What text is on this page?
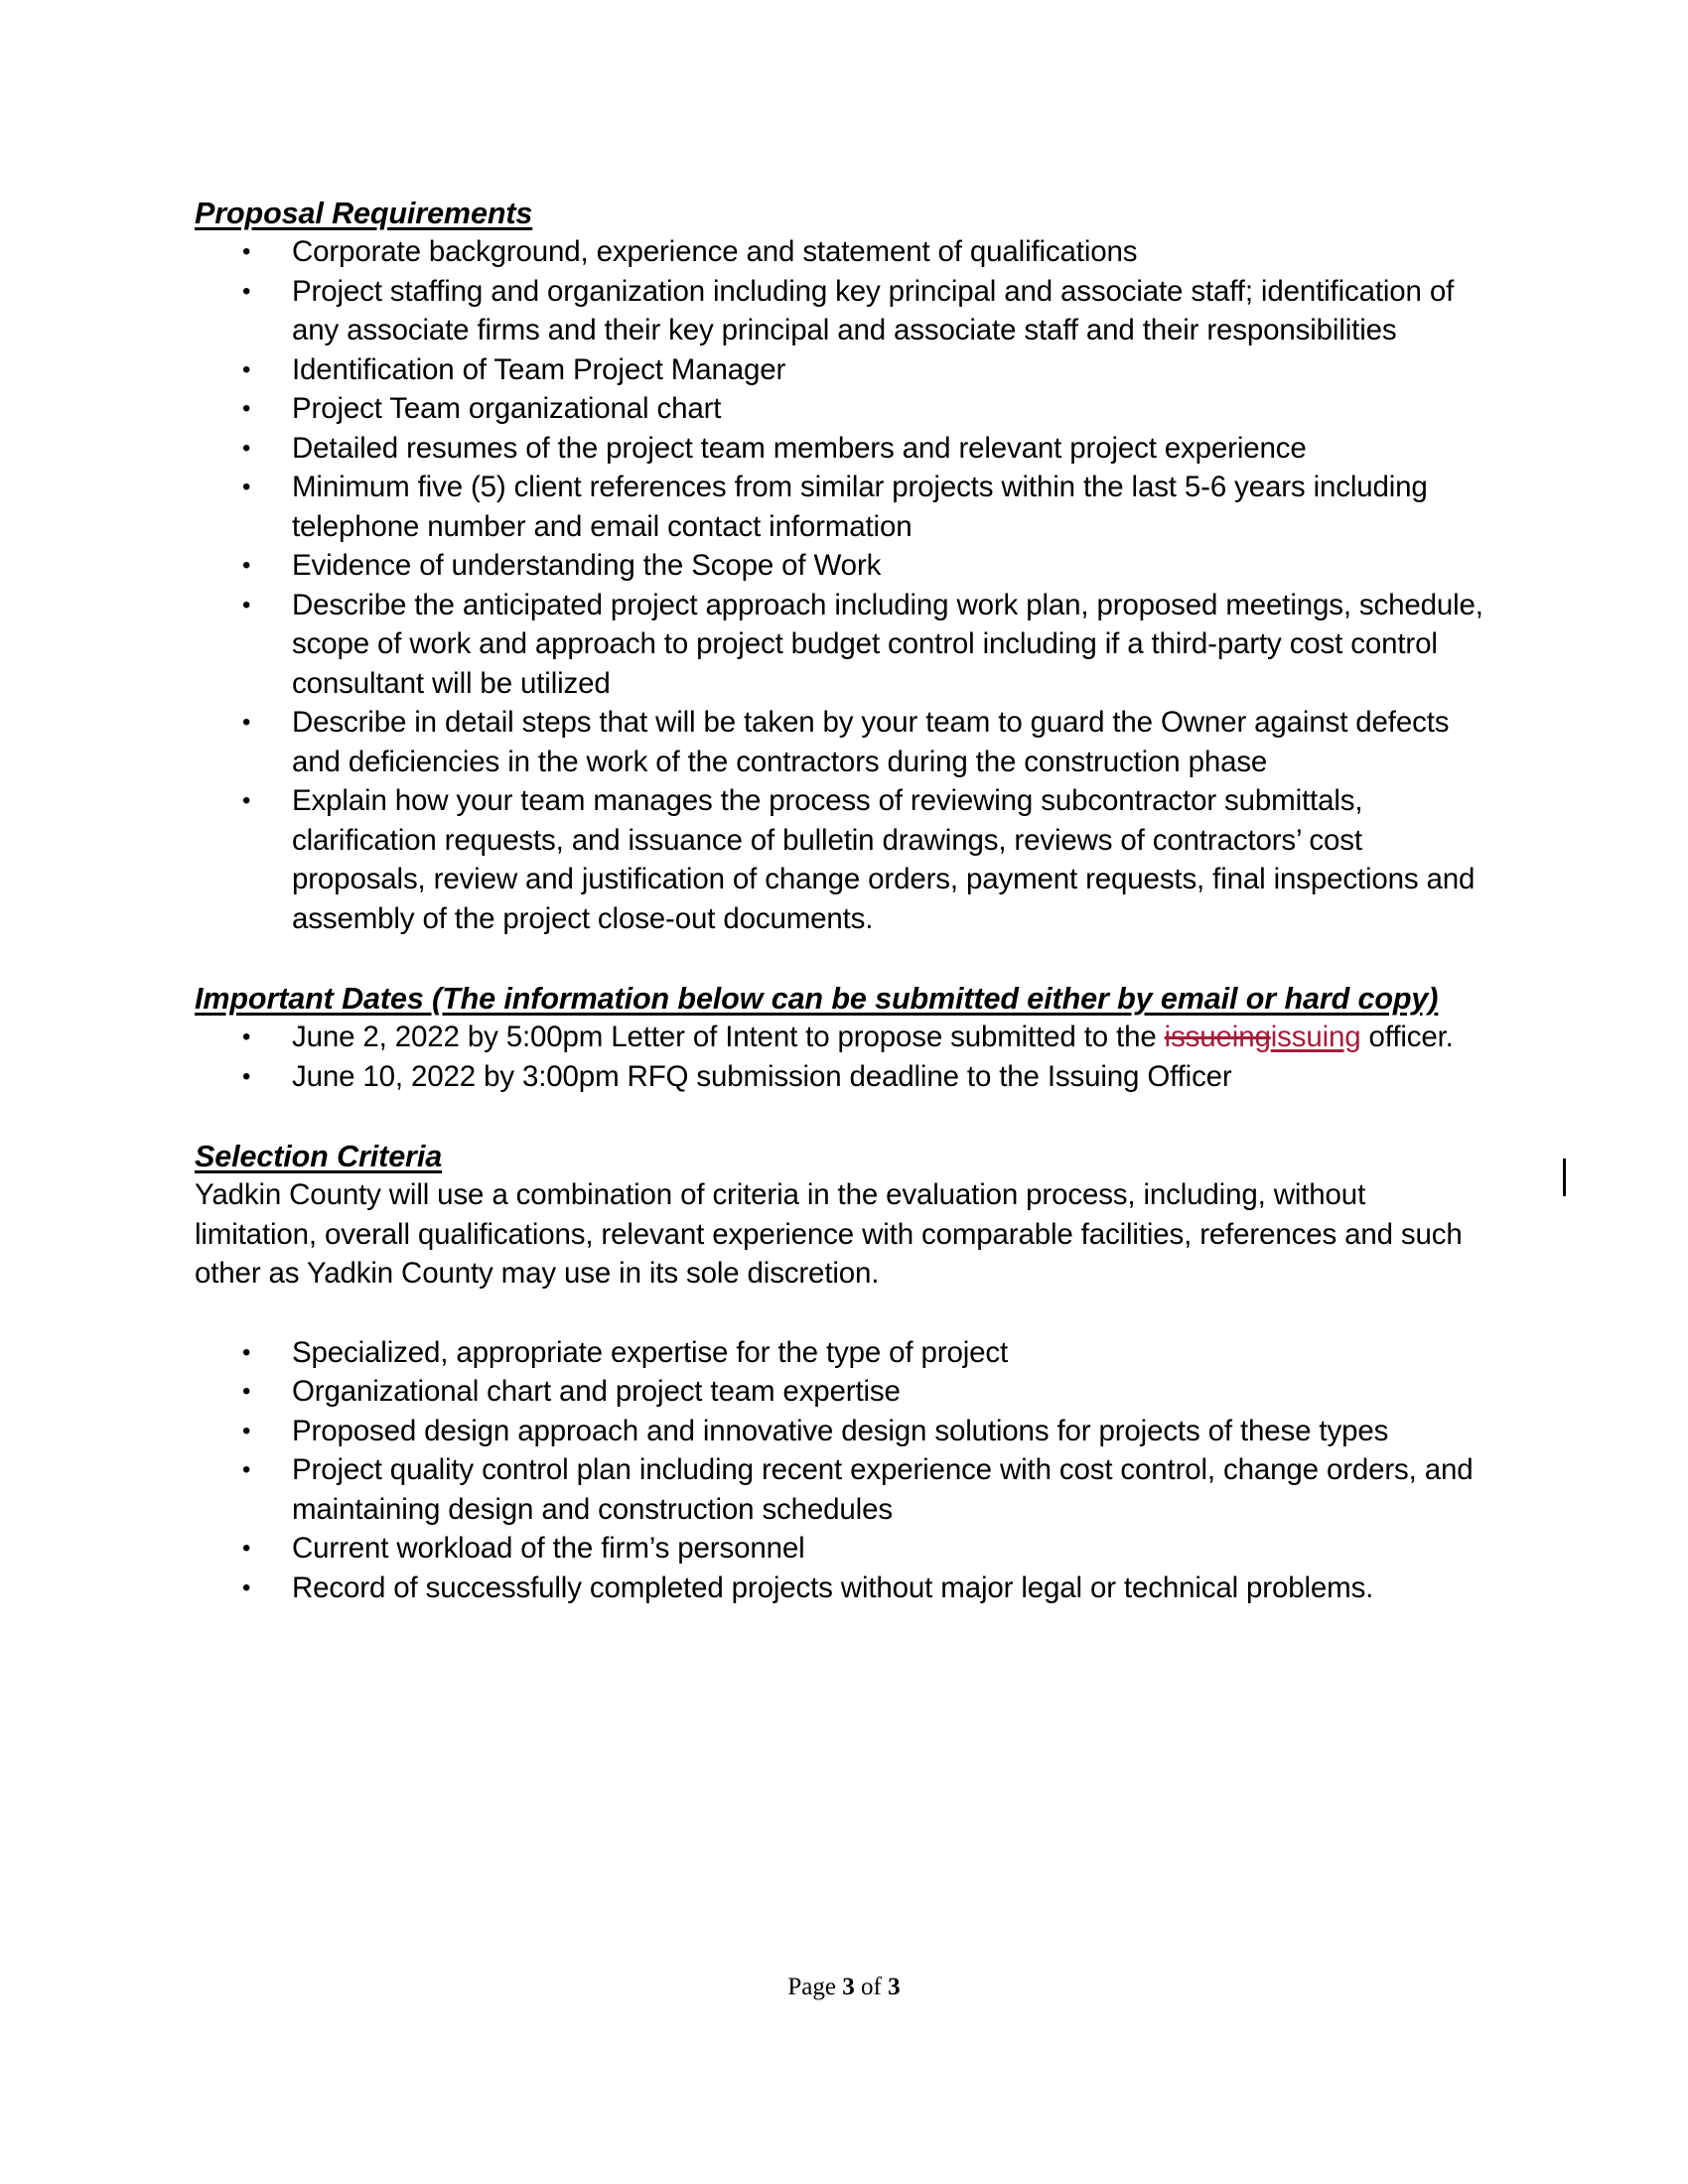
Proposal Requirements
• Corporate background, experience and statement of qualifications
• Project staffing and organization including key principal and associate staff; identification of any associate firms and their key principal and associate staff and their responsibilities
• Identification of Team Project Manager
• Project Team organizational chart
• Detailed resumes of the project team members and relevant project experience
• Minimum five (5) client references from similar projects within the last 5-6 years including telephone number and email contact information
• Evidence of understanding the Scope of Work
• Describe the anticipated project approach including work plan, proposed meetings, schedule, scope of work and approach to project budget control including if a third-party cost control consultant will be utilized
• Describe in detail steps that will be taken by your team to guard the Owner against defects and deficiencies in the work of the contractors during the construction phase
• Explain how your team manages the process of reviewing subcontractor submittals, clarification requests, and issuance of bulletin drawings, reviews of contractors’ cost proposals, review and justification of change orders, payment requests, final inspections and assembly of the project close-out documents.
Important Dates (The information below can be submitted either by email or hard copy)
• June 2, 2022 by 5:00pm Letter of Intent to propose submitted to the issueingissuing officer.
• June 10, 2022 by 3:00pm RFQ submission deadline to the Issuing Officer
Selection Criteria

Yadkin County will use a combination of criteria in the evaluation process, including, without limitation, overall qualifications, relevant experience with comparable facilities, references and such other as Yadkin County may use in its sole discretion.

• Specialized, appropriate expertise for the type of project
• Organizational chart and project team expertise
• Proposed design approach and innovative design solutions for projects of these types
• Project quality control plan including recent experience with cost control, change orders, and maintaining design and construction schedules
• Current workload of the firm’s personnel
• Record of successfully completed projects without major legal or technical problems.
Page 3 of 3
